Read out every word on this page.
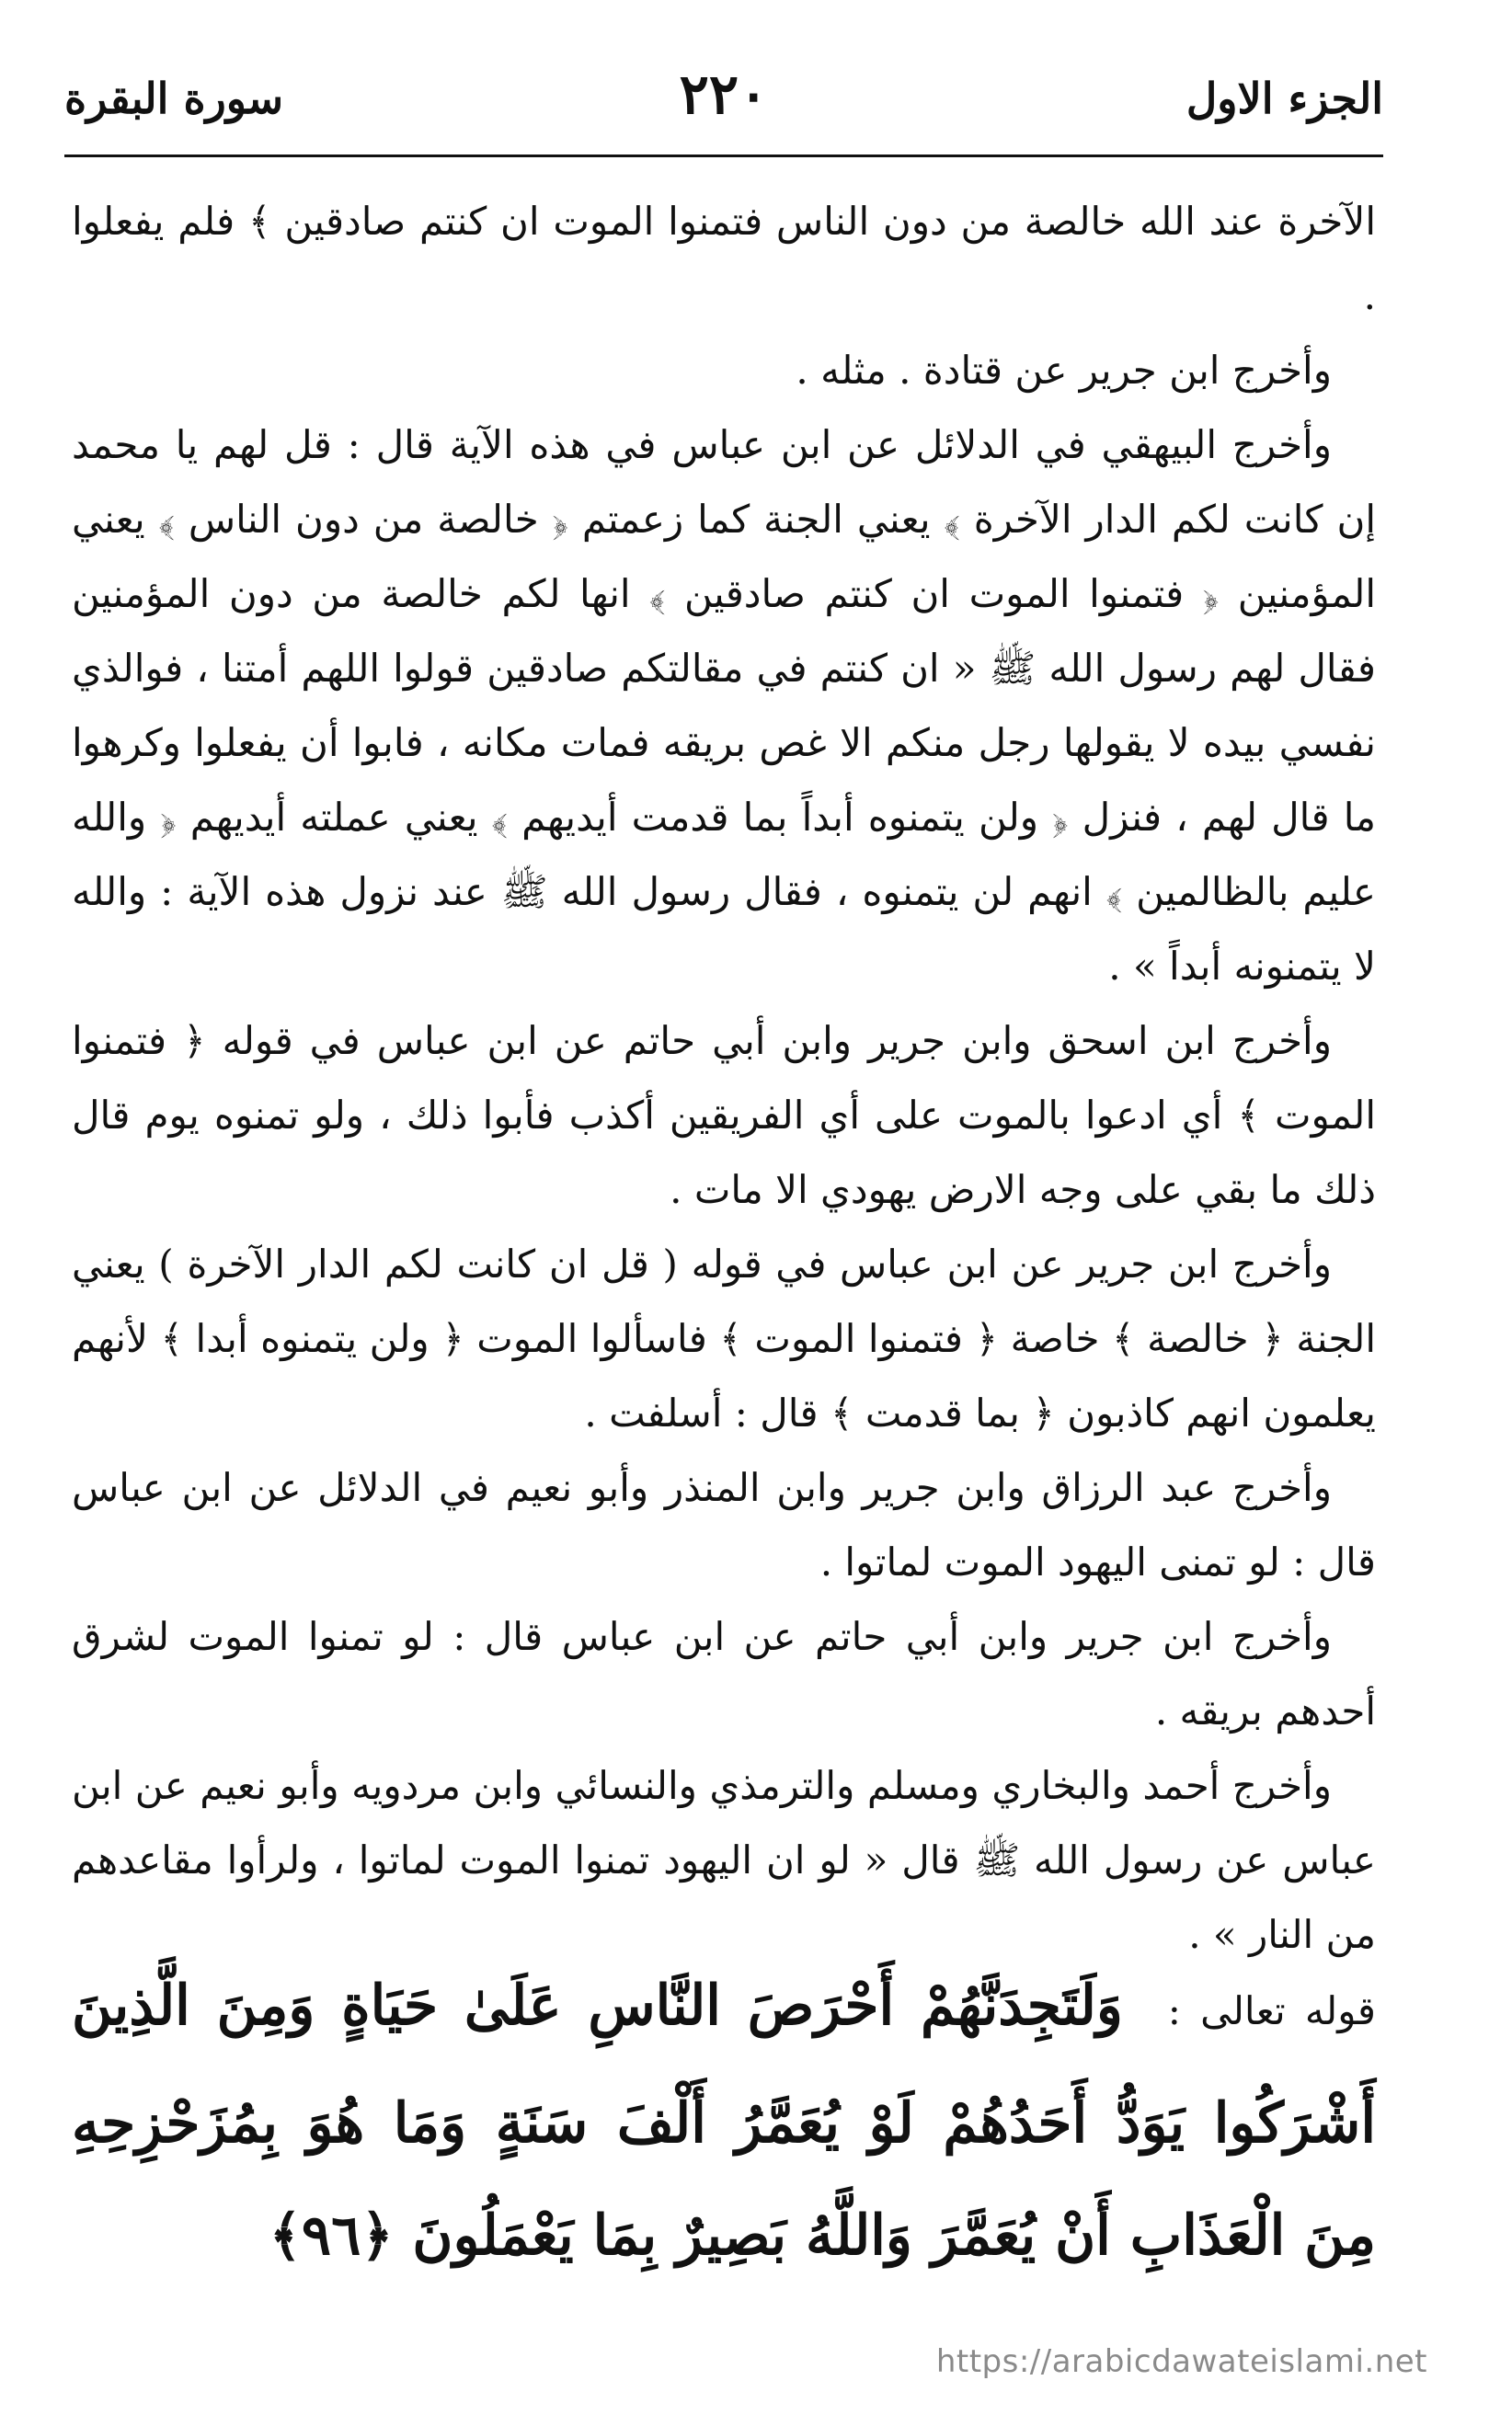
الجزء الاول
٢٢٠
سورة البقرة

الآخرة عند الله خالصة من دون الناس فتمنوا الموت ان كنتم صادقين ﴾ فلم يفعلوا .

وأخرج ابن جرير عن قتادة . مثله .

وأخرج البيهقي في الدلائل عن ابن عباس في هذه الآية قال : قل لهم يا محمد إن كانت لكم الدار الآخرة ﴾ يعني الجنة كما زعمتم ﴿ خالصة من دون الناس ﴾ يعني المؤمنين ﴿ فتمنوا الموت ان كنتم صادقين ﴾ انها لكم خالصة من دون المؤمنين فقال لهم رسول الله ﷺ « ان كنتم في مقالتكم صادقين قولوا اللهم أمتنا ، فوالذي نفسي بيده لا يقولها رجل منكم الا غص بريقه فمات مكانه ، فابوا أن يفعلوا وكرهوا ما قال لهم ، فنزل ﴿ ولن يتمنوه أبداً بما قدمت أيديهم ﴾ يعني عملته أيديهم ﴿ والله عليم بالظالمين ﴾ انهم لن يتمنوه ، فقال رسول الله ﷺ عند نزول هذه الآية : والله لا يتمنونه أبداً » .

وأخرج ابن اسحق وابن جرير وابن أبي حاتم عن ابن عباس في قوله ﴿ فتمنوا الموت ﴾ أي ادعوا بالموت على أي الفريقين أكذب فأبوا ذلك ، ولو تمنوه يوم قال ذلك ما بقي على وجه الارض يهودي الا مات .

وأخرج ابن جرير عن ابن عباس في قوله ( قل ان كانت لكم الدار الآخرة ) يعني الجنة ﴿ خالصة ﴾ خاصة ﴿ فتمنوا الموت ﴾ فاسألوا الموت ﴿ ولن يتمنوه أبدا ﴾ لأنهم يعلمون انهم كاذبون ﴿ بما قدمت ﴾ قال : أسلفت .

وأخرج عبد الرزاق وابن جرير وابن المنذر وأبو نعيم في الدلائل عن ابن عباس قال : لو تمنى اليهود الموت لماتوا .

وأخرج ابن جرير وابن أبي حاتم عن ابن عباس قال : لو تمنوا الموت لشرق أحدهم بريقه .

وأخرج أحمد والبخاري ومسلم والترمذي والنسائي وابن مردويه وأبو نعيم عن ابن عباس عن رسول الله ﷺ قال « لو ان اليهود تمنوا الموت لماتوا ، ولرأوا مقاعدهم من النار » .

قوله تعالى : وَلَتَجِدَنَّهُمْ أَحْرَصَ النَّاسِ عَلَىٰ حَيَاةٍ وَمِنَ الَّذِينَ أَشْرَكُوا يَوَدُّ أَحَدُهُمْ لَوْ يُعَمَّرُ أَلْفَ سَنَةٍ وَمَا هُوَ بِمُزَحْزِحِهِ مِنَ الْعَذَابِ أَنْ يُعَمَّرَ وَاللَّهُ بَصِيرٌ بِمَا يَعْمَلُونَ ﴿٩٦﴾
https://arabicdawateislami.net
